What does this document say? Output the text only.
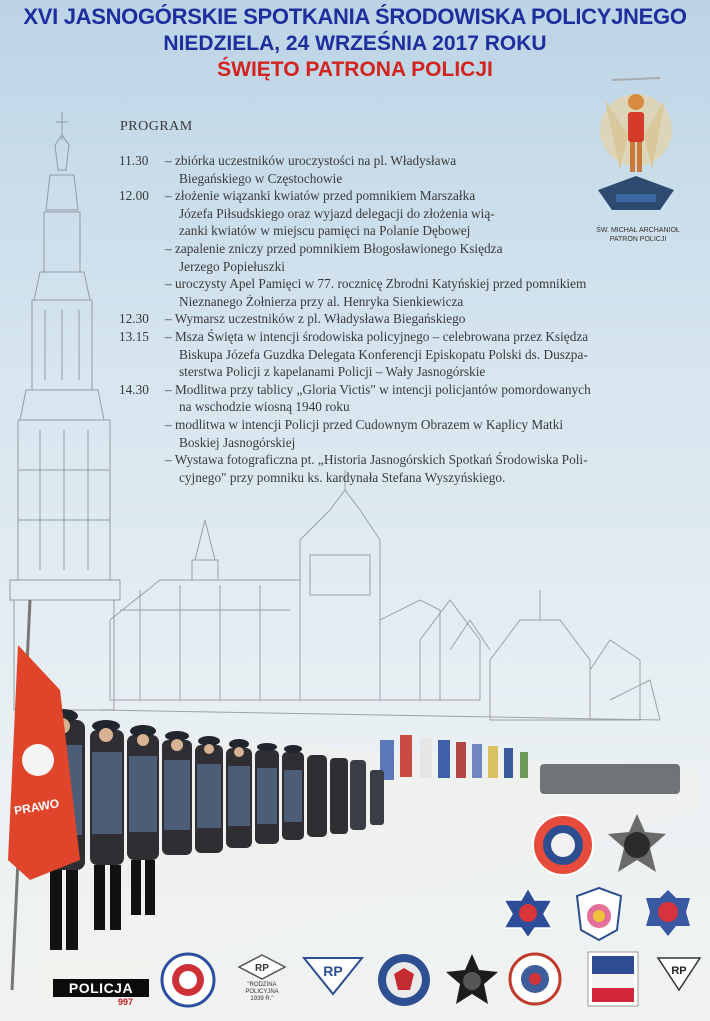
XVI JASNOGÓRSKIE SPOTKANIA ŚRODOWISKA POLICYJNEGO
NIEDZIELA, 24 WRZEŚNIA 2017 ROKU
ŚWIĘTO PATRONA POLICJI
PRAWO
PROGRAM
11.30	– zbiórka uczestników uroczystości na pl. Władysława
Biegańskiego w Częstochowie
12.00	– złożenie wiązanki kwiatów przed pomnikiem Marszałka
Józefa Piłsudskiego oraz wyjazd delegacji do złożenia wią-
zanki kwiatów w miejscu pamięci na Polanie Dębowej
– zapalenie zniczy przed pomnikiem Błogosławionego Księdza
Jerzego Popiełuszki
– uroczysty Apel Pamięci w 77. rocznicę Zbrodni Katyńskiej przed pomnikiem
Nieznanego Żołnierza przy al. Henryka Sienkiewicza
12.30	– Wymarsz uczestników z pl. Władysława Biegańskiego
13.15	– Msza Święta w intencji środowiska policyjnego – celebrowana przez Księdza
Biskupa Józefa Guzdka Delegata Konferencji Episkopatu Polski ds. Duszpa-
sterstwa Policji z kapelanami Policji – Wały Jasnogórskie
14.30	– Modlitwa przy tablicy „Gloria Victis" w intencji policjantów pomordowanych
na wschodzie wiosną 1940 roku
– modlitwa w intencji Policji przed Cudownym Obrazem w Kaplicy Matki
Boskiej Jasnogórskiej
– Wystawa fotograficzna pt. „Historia Jasnogórskich Spotkań Środowiska Poli-
cyjnego" przy pomniku ks. kardynała Stefana Wyszyńskiego.
ŚW. MICHAŁ ARCHANIOŁ
PATRON POLICJI
POLICJA
997
RP
"RODZINA
POLICYJNA
1939 R."
RP	RP
